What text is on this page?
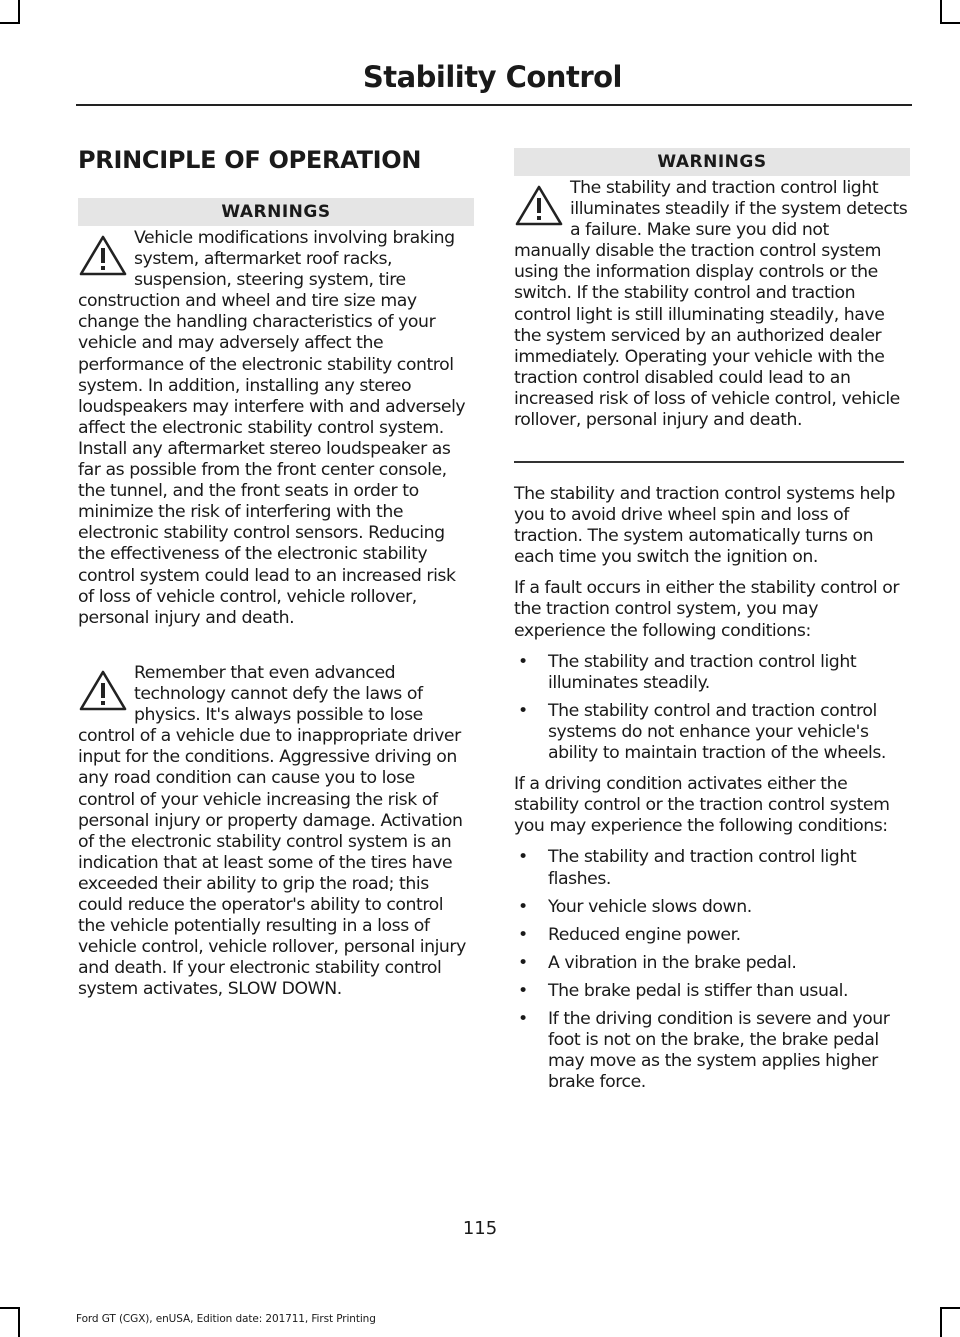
Stability Control
PRINCIPLE OF OPERATION
WARNINGS

Vehicle modifications involving braking system, aftermarket roof racks, suspension, steering system, tire construction and wheel and tire size may change the handling characteristics of your vehicle and may adversely affect the performance of the electronic stability control system. In addition, installing any stereo loudspeakers may interfere with and adversely affect the electronic stability control system. Install any aftermarket stereo loudspeaker as far as possible from the front center console, the tunnel, and the front seats in order to minimize the risk of interfering with the electronic stability control sensors. Reducing the effectiveness of the electronic stability control system could lead to an increased risk of loss of vehicle control, vehicle rollover, personal injury and death.

Remember that even advanced technology cannot defy the laws of physics. It's always possible to lose control of a vehicle due to inappropriate driver input for the conditions. Aggressive driving on any road condition can cause you to lose control of your vehicle increasing the risk of personal injury or property damage. Activation of the electronic stability control system is an indication that at least some of the tires have exceeded their ability to grip the road; this could reduce the operator's ability to control the vehicle potentially resulting in a loss of vehicle control, vehicle rollover, personal injury and death. If your electronic stability control system activates, SLOW DOWN.

WARNINGS

The stability and traction control light illuminates steadily if the system detects a failure. Make sure you did not manually disable the traction control system using the information display controls or the switch. If the stability control and traction control light is still illuminating steadily, have the system serviced by an authorized dealer immediately. Operating your vehicle with the traction control disabled could lead to an increased risk of loss of vehicle control, vehicle rollover, personal injury and death.

The stability and traction control systems help you to avoid drive wheel spin and loss of traction. The system automatically turns on each time you switch the ignition on.

If a fault occurs in either the stability control or the traction control system, you may experience the following conditions:

• The stability and traction control light illuminates steadily.
• The stability control and traction control systems do not enhance your vehicle's ability to maintain traction of the wheels.

If a driving condition activates either the stability control or the traction control system you may experience the following conditions:

• The stability and traction control light flashes.
• Your vehicle slows down.
• Reduced engine power.
• A vibration in the brake pedal.
• The brake pedal is stiffer than usual.
• If the driving condition is severe and your foot is not on the brake, the brake pedal may move as the system applies higher brake force.
115
Ford GT (CGX), enUSA, Edition date: 201711, First Printing
